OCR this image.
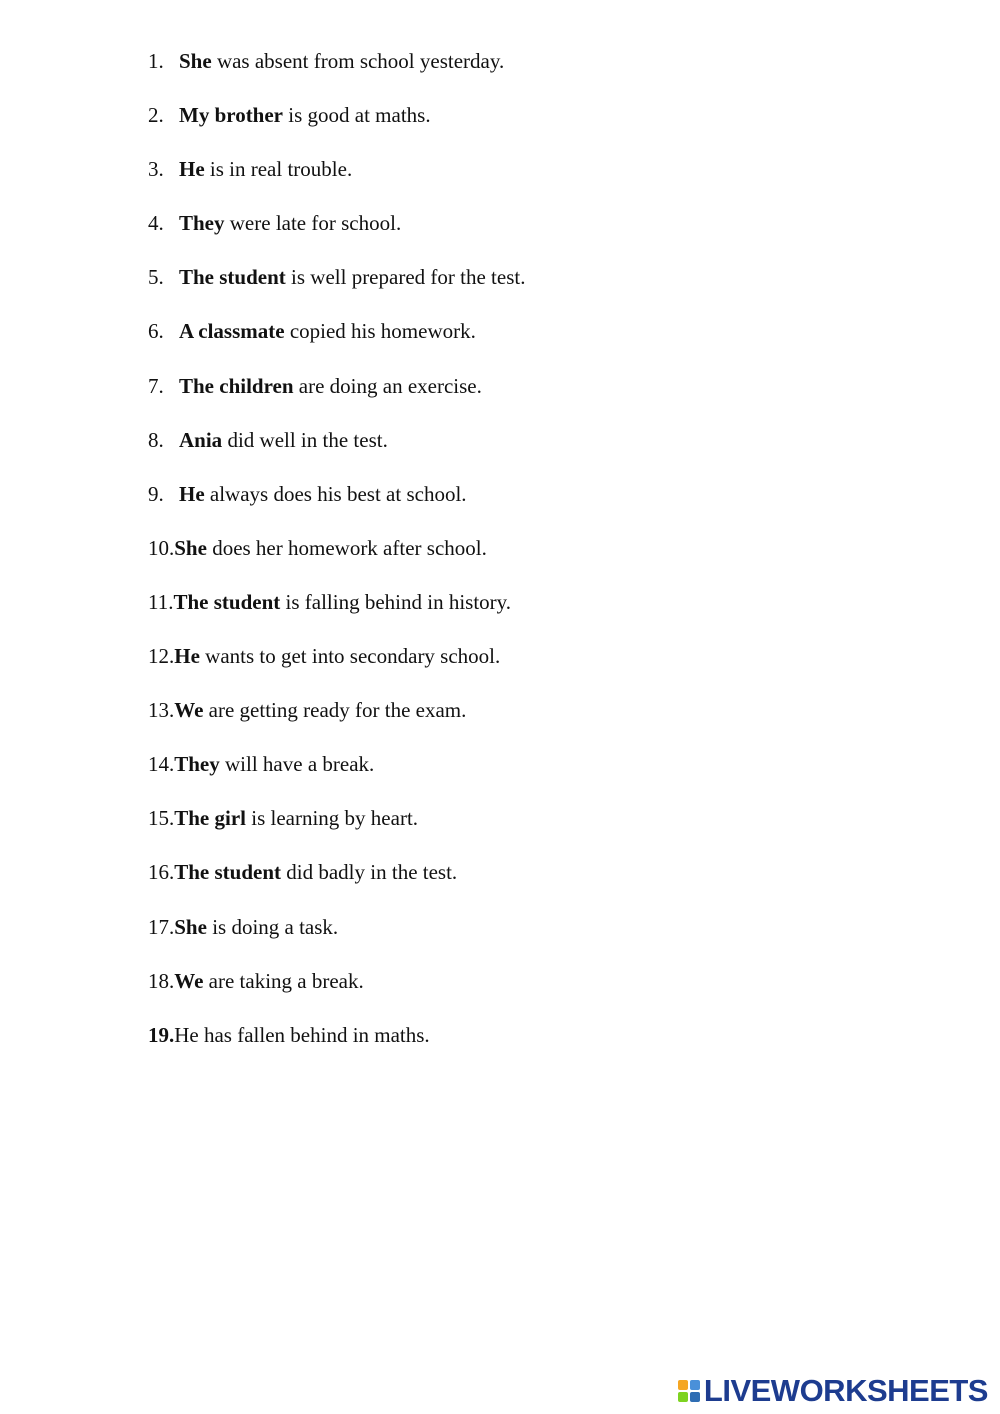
1. She was absent from school yesterday.
2. My brother is good at maths.
3. He is in real trouble.
4. They were late for school.
5. The student is well prepared for the test.
6. A classmate copied his homework.
7. The children are doing an exercise.
8. Ania did well in the test.
9. He always does his best at school.
10.She does her homework after school.
11.The student is falling behind in history.
12.He wants to get into secondary school.
13.We are getting ready for the exam.
14.They will have a break.
15.The girl is learning by heart.
16.The student did badly in the test.
17.She is doing a task.
18.We are taking a break.
19.He has fallen behind in maths.
LIVEWORKSHEETS
